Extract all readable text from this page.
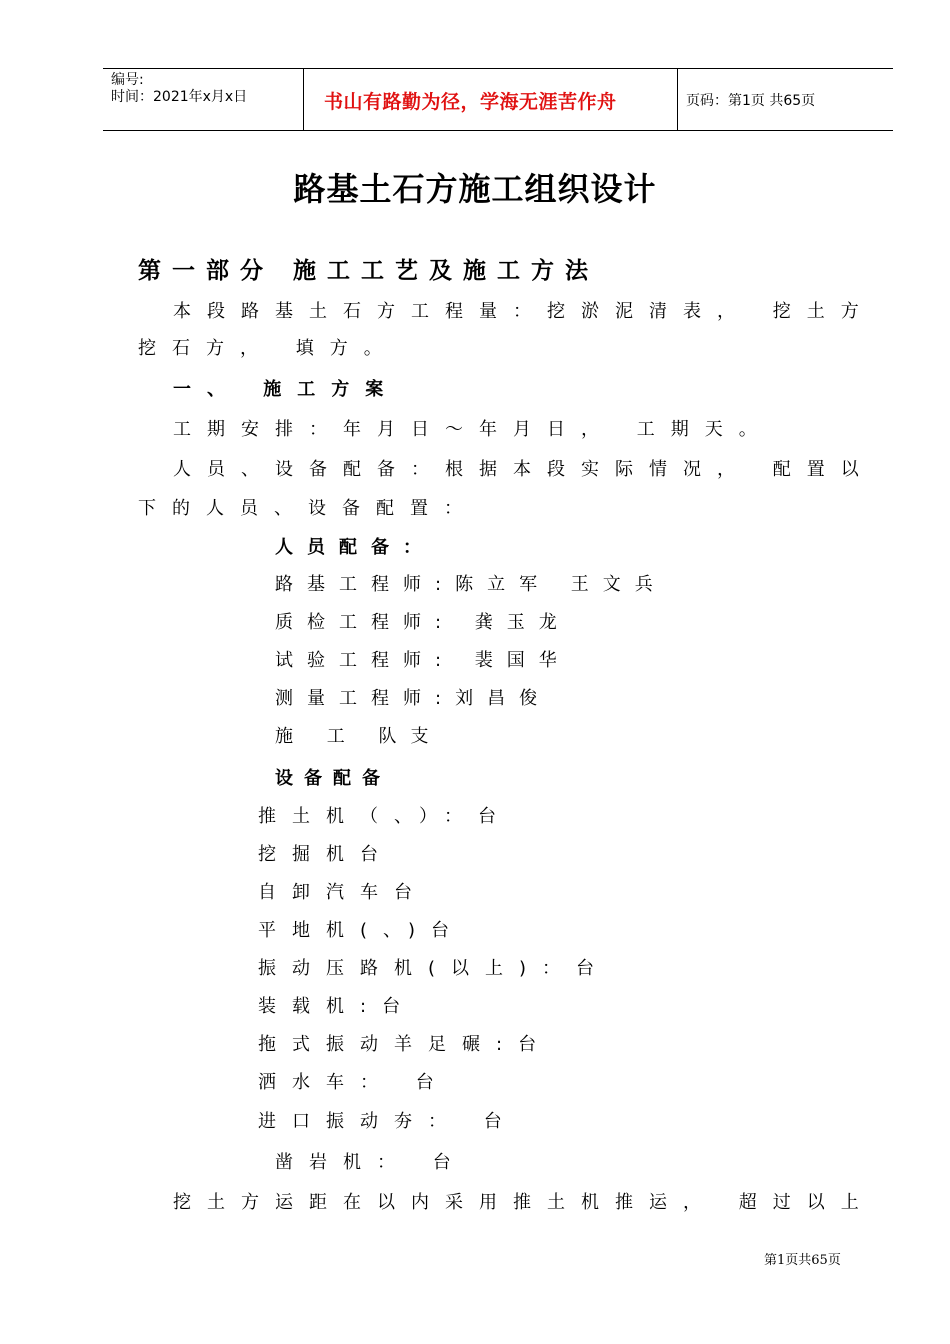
编号:
时间：2021年x月x日	书山有路勤为径，学海无涯苦作舟	页码：第1页 共65页
路基土石方施工组织设计
第一部分 施工工艺及施工方法
本段路基土石方工程量：挖淤泥清表， 挖土方
挖石方， 填方。
一、 施工方案
工期安排：年月日～年月日， 工期天。
人员、设备配备：根据本段实际情况， 配置以
下的人员、设备配置：
人员配备：
路基工程师:陈立军 王文兵
质检工程师: 龚玉龙
试验工程师: 裴国华
测量工程师:刘昌俊
施 工 队支
设备配备
推土机（、）：台
挖掘机台
自卸汽车台
平地机(、)台
振动压路机(以上)：台
装载机:台
拖式振动羊足碾:台
洒水车： 台
进口振动夯： 台
凿岩机： 台
挖土方运距在以内采用推土机推运， 超过以上
第1页共65页
